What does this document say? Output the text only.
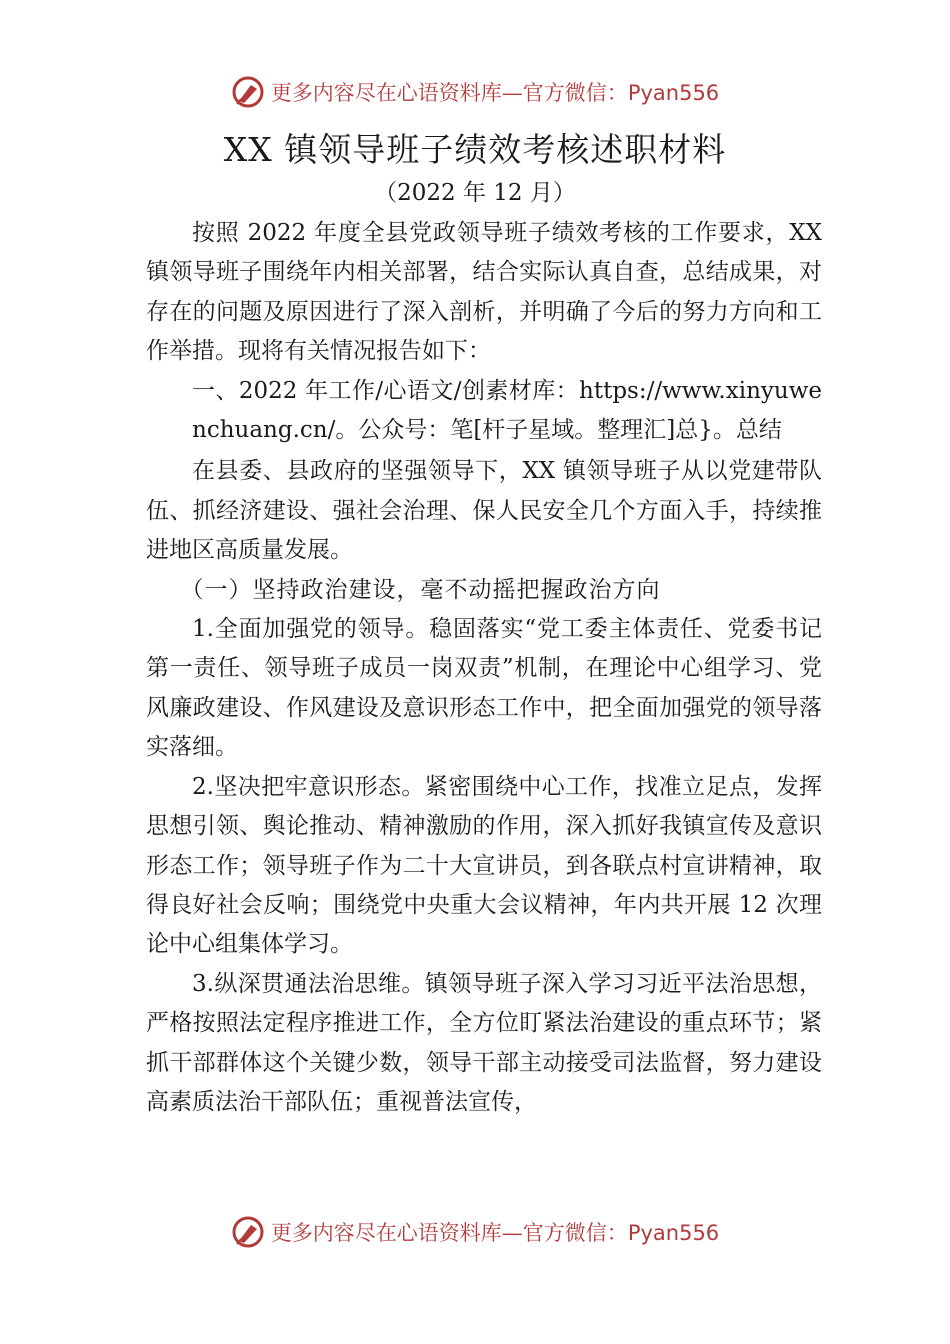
更多内容尽在心语资料库—官方微信：Pyan556
XX 镇领导班子绩效考核述职材料
（2022 年 12 月）

按照 2022 年度全县党政领导班子绩效考核的工作要求，XX 镇领导班子围绕年内相关部署，结合实际认真自查，总结成果，对存在的问题及原因进行了深入剖析，并明确了今后的努力方向和工作举措。现将有关情况报告如下：

一、2022 年工作/心语文/创素材库：https://www.xinyuwenchuang.cn/。公众号：笔[杆子星域。整理汇]总}。总结

在县委、县政府的坚强领导下，XX 镇领导班子从以党建带队伍、抓经济建设、强社会治理、保人民安全几个方面入手，持续推进地区高质量发展。

（一）坚持政治建设，毫不动摇把握政治方向

1.全面加强党的领导。稳固落实“党工委主体责任、党委书记第一责任、领导班子成员一岗双责”机制，在理论中心组学习、党风廉政建设、作风建设及意识形态工作中，把全面加强党的领导落实落细。

2.坚决把牢意识形态。紧密围绕中心工作，找准立足点，发挥思想引领、舆论推动、精神激励的作用，深入抓好我镇宣传及意识形态工作；领导班子作为二十大宣讲员，到各联点村宣讲精神，取得良好社会反响；围绕党中央重大会议精神，年内共开展 12 次理论中心组集体学习。

3.纵深贯通法治思维。镇领导班子深入学习习近平法治思想，严格按照法定程序推进工作，全方位盯紧法治建设的重点环节；紧抓干部群体这个关键少数，领导干部主动接受司法监督，努力建设高素质法治干部队伍；重视普法宣传，

更多内容尽在心语资料库—官方微信：Pyan556
